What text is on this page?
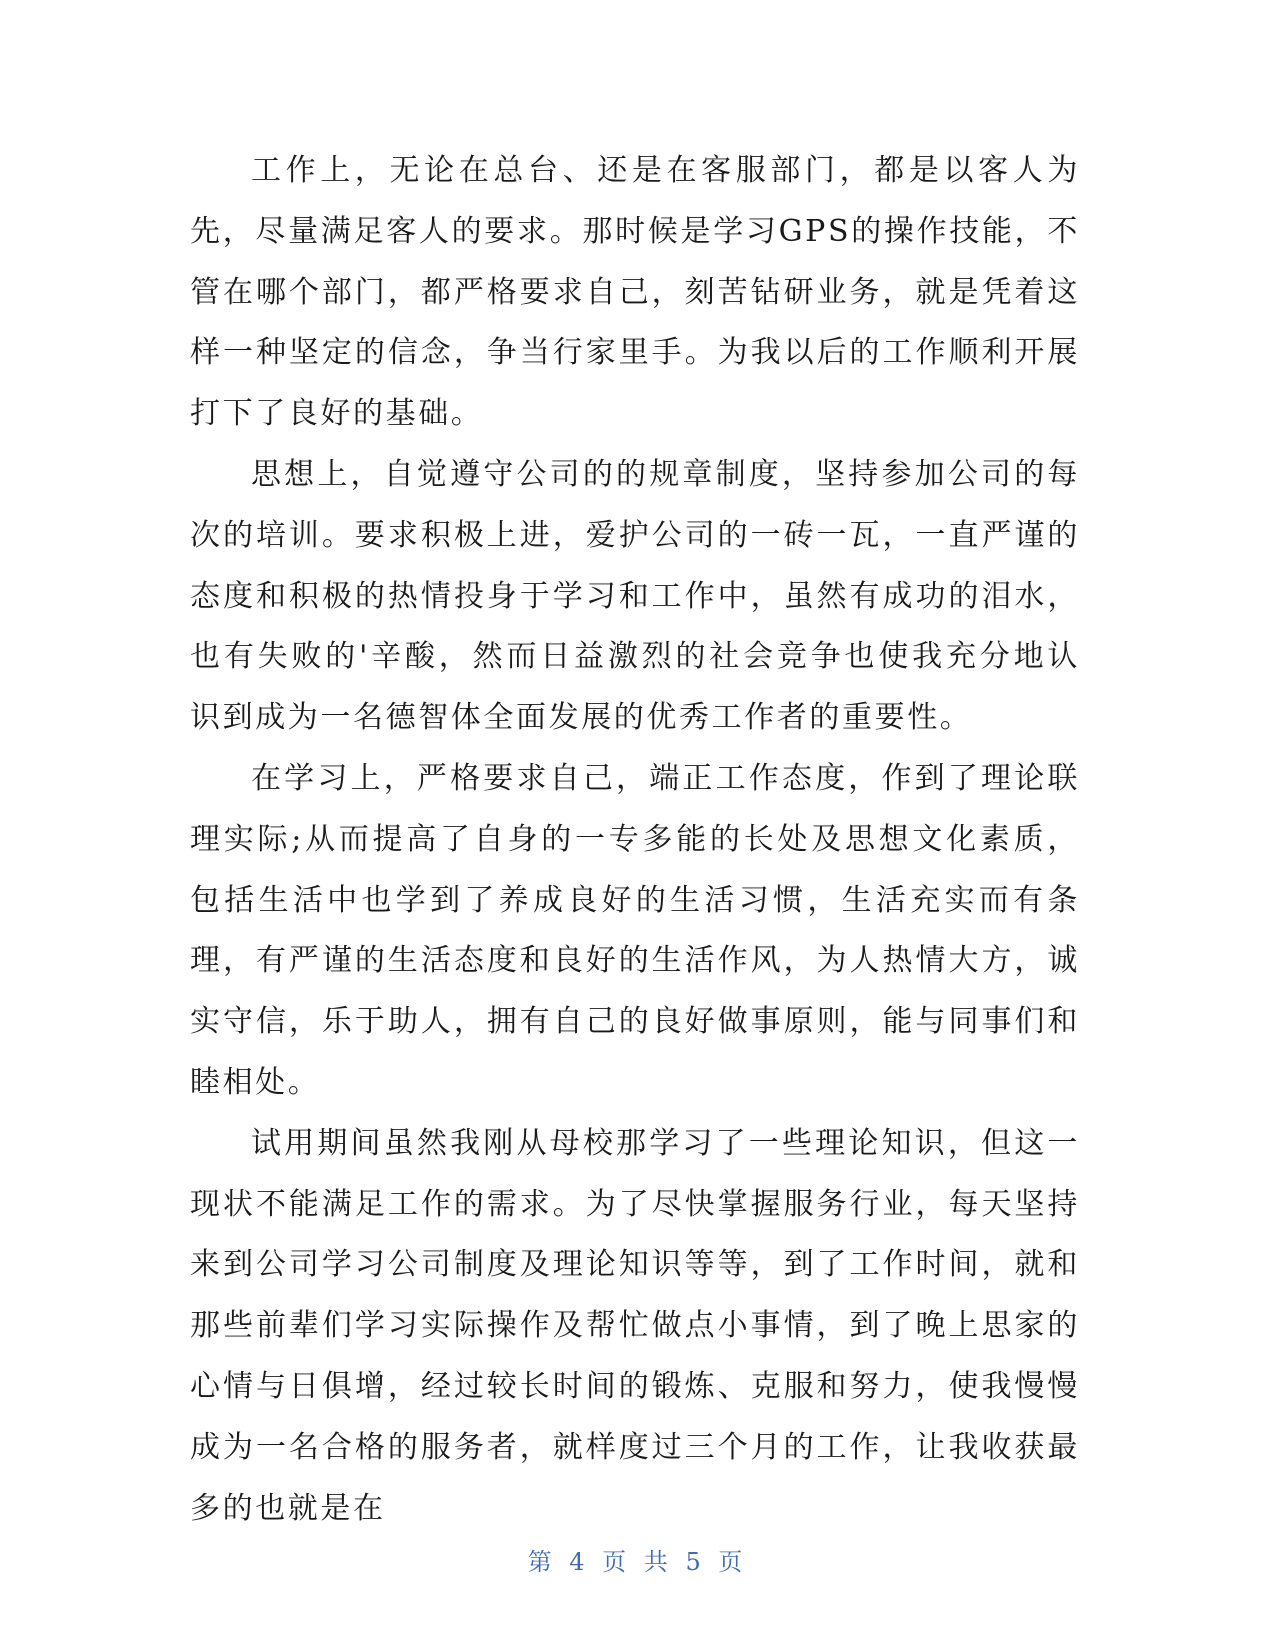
工作上，无论在总台、还是在客服部门，都是以客人为先，尽量满足客人的要求。那时候是学习GPS的操作技能，不管在哪个部门，都严格要求自己，刻苦钻研业务，就是凭着这样一种坚定的信念，争当行家里手。为我以后的工作顺利开展打下了良好的基础。

思想上，自觉遵守公司的的规章制度，坚持参加公司的每次的培训。要求积极上进，爱护公司的一砖一瓦，一直严谨的态度和积极的热情投身于学习和工作中，虽然有成功的泪水，也有失败的'辛酸，然而日益激烈的社会竞争也使我充分地认识到成为一名德智体全面发展的优秀工作者的重要性。

在学习上，严格要求自己，端正工作态度，作到了理论联理实际;从而提高了自身的一专多能的长处及思想文化素质，包括生活中也学到了养成良好的生活习惯，生活充实而有条理，有严谨的生活态度和良好的生活作风，为人热情大方，诚实守信，乐于助人，拥有自己的良好做事原则，能与同事们和睦相处。

试用期间虽然我刚从母校那学习了一些理论知识，但这一现状不能满足工作的需求。为了尽快掌握服务行业，每天坚持来到公司学习公司制度及理论知识等等，到了工作时间，就和那些前辈们学习实际操作及帮忙做点小事情，到了晚上思家的心情与日俱增，经过较长时间的锻炼、克服和努力，使我慢慢成为一名合格的服务者，就样度过三个月的工作，让我收获最多的也就是在

第 4 页 共 5 页
